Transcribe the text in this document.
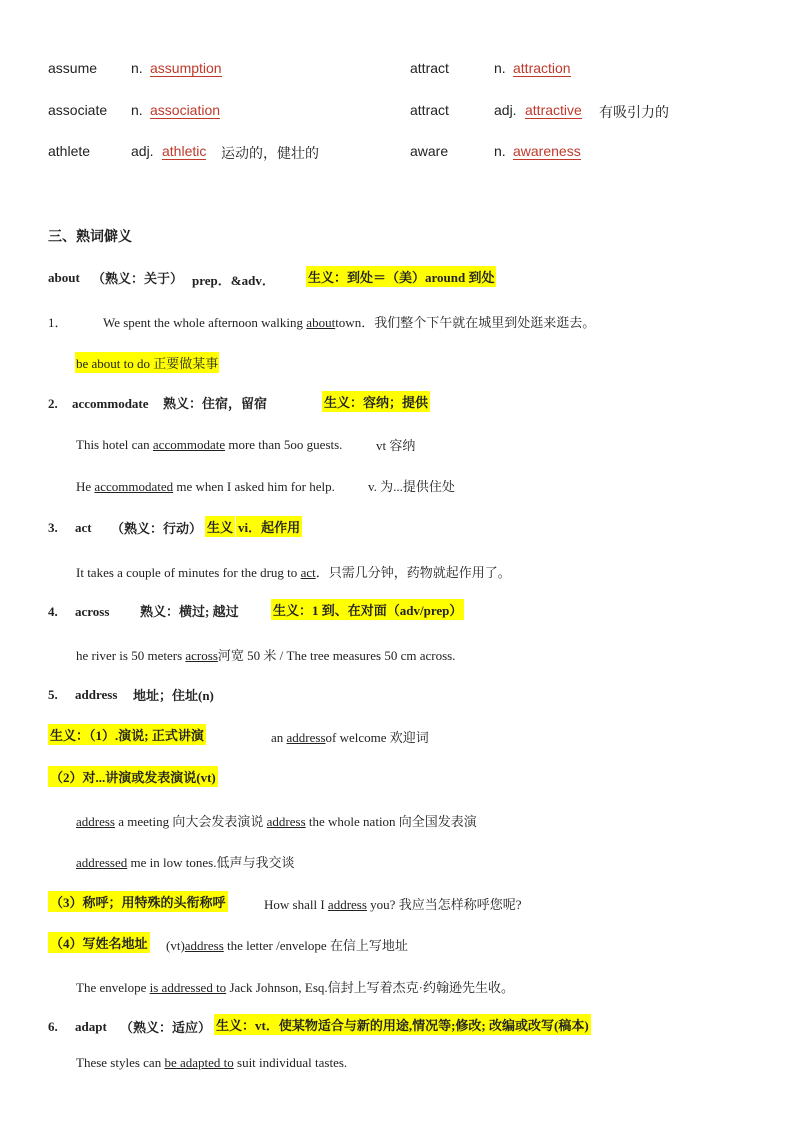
assume n. assumption	attract	n. attraction
associate n. association	attract	adj. attractive 有吸引力的
athlete	adj. athletic 运动的，健壮的	aware	n. awareness
三、熟词僻义
about （熟义：关于） prep．&adv．	生义：到处＝（美）around 到处
1．	We spent the whole afternoon walking abouttown．我们整个下午就在城里到处逛来逛去。
be about to do 正要做某事
2. accommodate 熟义：住宿，留宿	生义：容纳；提供
This hotel can accommodate more than 5oo guests.	vt 容纳
He accommodated me when I asked him for help.	v. 为...提供住处
3. act （熟义：行动） 生义 vi．起作用
It takes a couple of minutes for the drug to act．只需几分钟，药物就起作用了。
4. across 熟义：横过; 越过	生义：1 到、在对面（adv/prep）
he river is 50 meters across河宽 50 米 / The tree measures 50 cm across.
5. address 地址；住址(n)
生义：（1）.演说; 正式讲演	an addressof welcome 欢迎词
（2）对...讲演或发表演说(vt)
address a meeting 向大会发表演说 address the whole nation 向全国发表演
addressed me in low tones.低声与我交谈
（3）称呼；用特殊的头衔称呼	How shall I address you? 我应当怎样称呼您呢?
（4）写姓名地址 (vt)address the letter /envelope 在信上写地址
The envelope is addressed to Jack Johnson, Esq.信封上写着杰克·约翰逊先生收。
6. adapt （熟义：适应） 生义：vt．使某物适合与新的用途,情况等;修改; 改编或改写(稿本)
These styles can be adapted to suit individual tastes.
